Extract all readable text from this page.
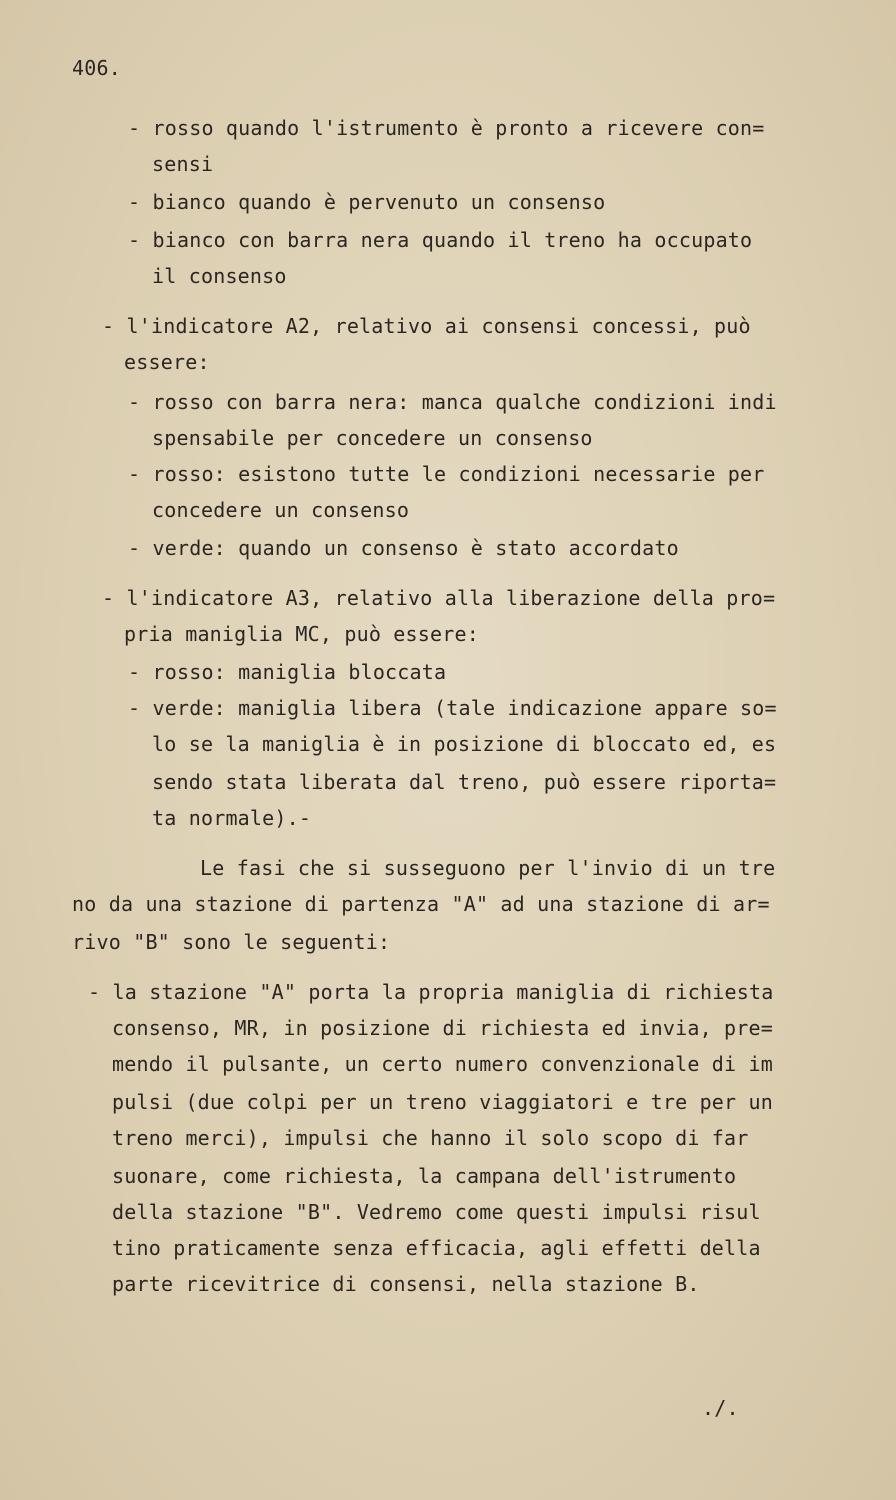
406.
- rosso quando l'istrumento è pronto a ricevere con=
sensi
- bianco quando è pervenuto un consenso
- bianco con barra nera quando il treno ha occupato
il consenso
- l'indicatore A2, relativo ai consensi concessi, può
essere:
- rosso con barra nera: manca qualche condizioni indi
spensabile per concedere un consenso
- rosso: esistono tutte le condizioni necessarie per
concedere un consenso
- verde: quando un consenso è stato accordato
- l'indicatore A3, relativo alla liberazione della pro=
pria maniglia MC, può essere:
- rosso: maniglia bloccata
- verde: maniglia libera (tale indicazione appare so=
lo se la maniglia è in posizione di bloccato ed, es
sendo stata liberata dal treno, può essere riporta=
ta normale).-
Le fasi che si susseguono per l'invio di un tre
no da una stazione di partenza "A" ad una stazione di ar=
rivo "B" sono le seguenti:
- la stazione "A" porta la propria maniglia di richiesta
consenso, MR, in posizione di richiesta ed invia, pre=
mendo il pulsante, un certo numero convenzionale di im
pulsi (due colpi per un treno viaggiatori e tre per un
treno merci), impulsi che hanno il solo scopo di far
suonare, come richiesta, la campana dell'istrumento
della stazione "B". Vedremo come questi impulsi risul
tino praticamente senza efficacia, agli effetti della
parte ricevitrice di consensi, nella stazione B.
./.
